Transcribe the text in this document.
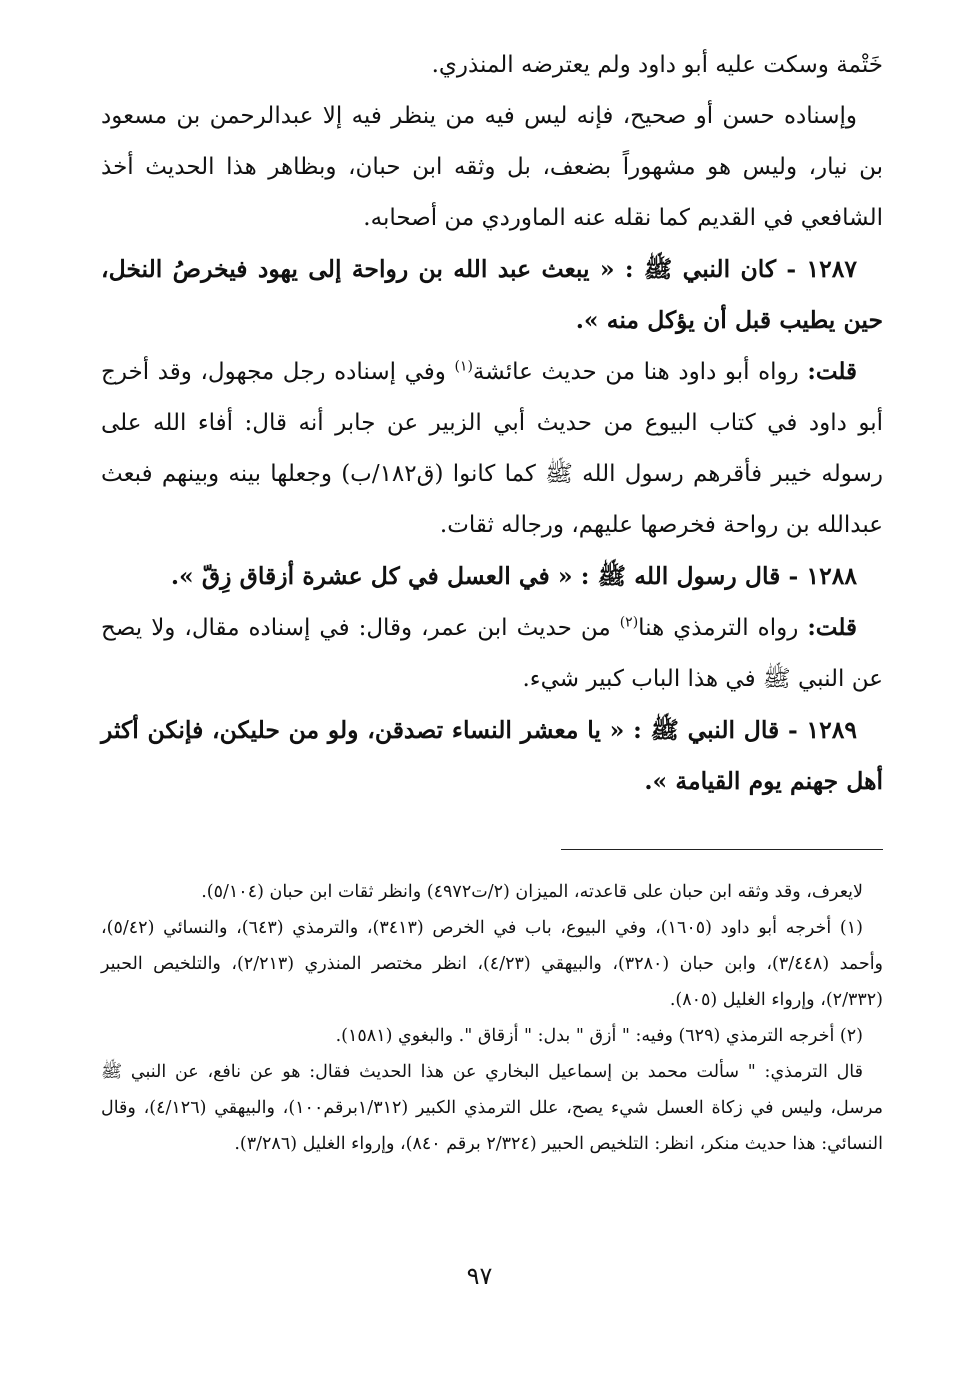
خَتْمة وسكت عليه أبو داود ولم يعترضه المنذري.

وإسناده حسن أو صحيح، فإنه ليس فيه من ينظر فيه إلا عبدالرحمن بن مسعود بن نيار، وليس هو مشهوراً بضعف، بل وثقه ابن حبان، وبظاهر هذا الحديث أخذ الشافعي في القديم كما نقله عنه الماوردي من أصحابه.

١٢٨٧ - كان النبي ﷺ : « يبعث عبد الله بن رواحة إلى يهود فيخرصُ النخل، حين يطيب قبل أن يؤكل منه ».

قلت: رواه أبو داود هنا من حديث عائشة$^{(١)}$ وفي إسناده رجل مجهول، وقد أخرج أبو داود في كتاب البيوع من حديث أبي الزبير عن جابر أنه قال: أفاء الله على رسوله خيبر فأقرهم رسول الله ﷺ كما كانوا (ق١٨٢/ب) وجعلها بينه وبينهم فبعث عبدالله بن رواحة فخرصها عليهم، ورجاله ثقات.

١٢٨٨ - قال رسول الله ﷺ : « في العسل في كل عشرة أزقاق زِقّ ».

قلت: رواه الترمذي هنا$^{(٢)}$ من حديث ابن عمر، وقال: في إسناده مقال، ولا يصح عن النبي ﷺ في هذا الباب كبير شيء.

١٢٨٩ - قال النبي ﷺ : « يا معشر النساء تصدقن، ولو من حليكن، فإنكن أكثر أهل جهنم يوم القيامة ».

لايعرف، وقد وثقه ابن حبان على قاعدته، الميزان (٢/ت٤٩٧٢) وانظر ثقات ابن حبان (٥/١٠٤).

(١) أخرجه أبو داود (١٦٠٥)، وفي البيوع، باب في الخرص (٣٤١٣)، والترمذي (٦٤٣)، والنسائي (٥/٤٢)، وأحمد (٣/٤٤٨)، وابن حبان (٣٢٨٠)، والبيهقي (٤/٢٣)، انظر مختصر المنذري (٢/٢١٣)، والتلخيص الحبير (٢/٣٣٢)، وإرواء الغليل (٨٠٥).

(٢) أخرجه الترمذي (٦٢٩) وفيه: " أزق " بدل: " أزقاق ". والبغوي (١٥٨١).

قال الترمذي: " سألت محمد بن إسماعيل البخاري عن هذا الحديث فقال: هو عن نافع، عن النبي ﷺ مرسل، وليس في زكاة العسل شيء يصح، علل الترمذي الكبير (١/٣١٢برقم١٠٠)، والبيهقي (٤/١٢٦)، وقال النسائي: هذا حديث منكر، انظر: التلخيص الحبير (٢/٣٢٤ برقم ٨٤٠)، وإرواء الغليل (٣/٢٨٦).

٩٧
